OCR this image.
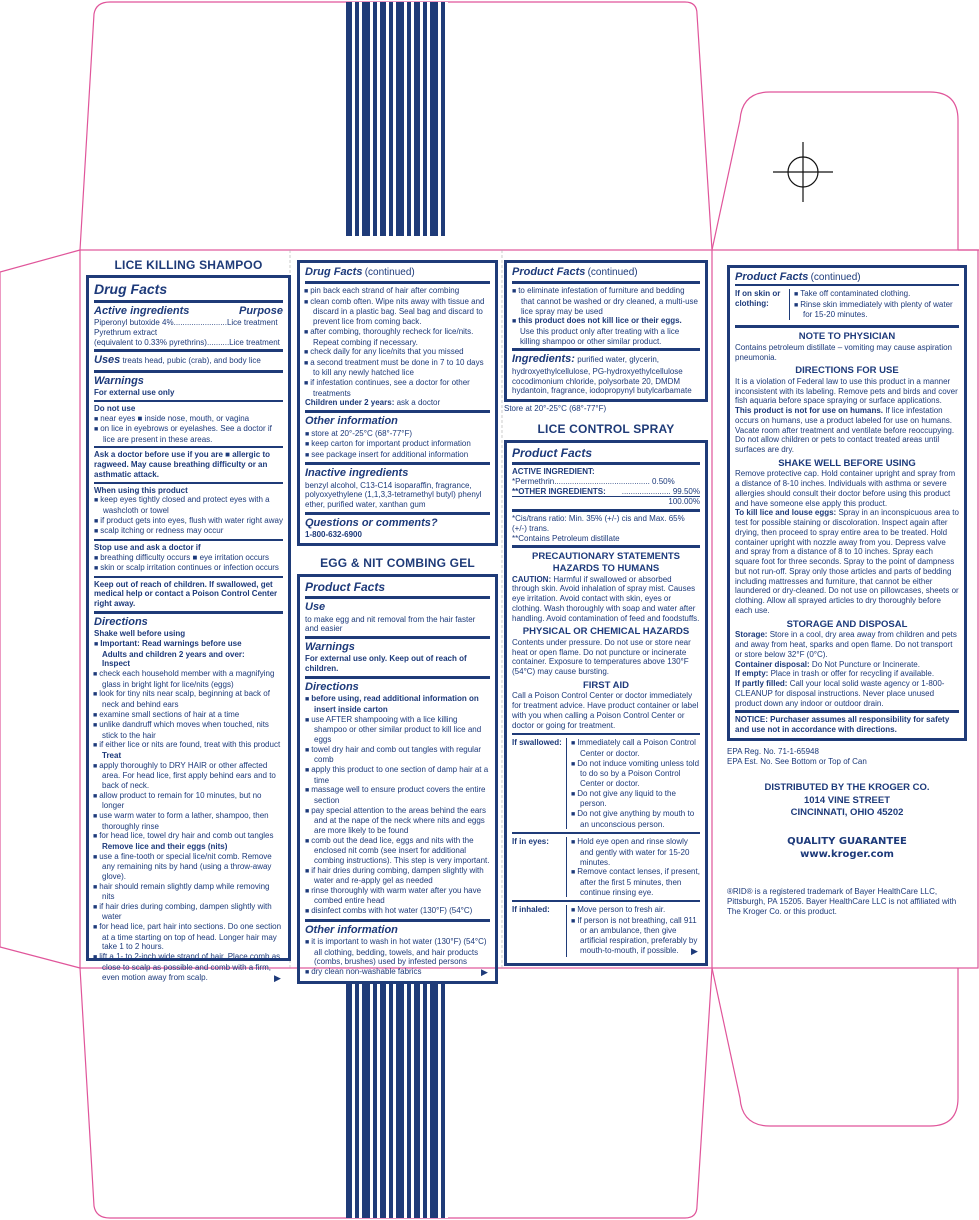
LICE KILLING SHAMPOO
Drug Facts
Active ingredients	Purpose
Piperonyl butoxide 4%........................Lice treatment
Pyrethrum extract
(equivalent to 0.33% pyrethrins)..........Lice treatment
Uses treats head, pubic (crab), and body lice
Warnings
For external use only
Do not use
■ near eyes ■ inside nose, mouth, or vagina
■ on lice in eyebrows or eyelashes. See a doctor if lice are present in these areas.
Ask a doctor before use if you are ■ allergic to ragweed. May cause breathing difficulty or an asthmatic attack.
When using this product
■ keep eyes tightly closed and protect eyes with a washcloth or towel
■ if product gets into eyes, flush with water right away
■ scalp itching or redness may occur
Stop use and ask a doctor if
■ breathing difficulty occurs ■ eye irritation occurs
■ skin or scalp irritation continues or infection occurs
Keep out of reach of children. If swallowed, get medical help or contact a Poison Control Center right away.
Directions
Shake well before using
■ Important: Read warnings before use
Adults and children 2 years and over:
Inspect
■ check each household member with a magnifying glass in bright light for lice/nits (eggs)
■ look for tiny nits near scalp, beginning at back of neck and behind ears
■ examine small sections of hair at a time
■ unlike dandruff which moves when touched, nits stick to the hair
■ if either lice or nits are found, treat with this product
Treat
■ apply thoroughly to DRY HAIR or other affected area. For head lice, first apply behind ears and to back of neck.
■ allow product to remain for 10 minutes, but no longer
■ use warm water to form a lather, shampoo, then thoroughly rinse
■ for head lice, towel dry hair and comb out tangles
Remove lice and their eggs (nits)
■ use a fine-tooth or special lice/nit comb. Remove any remaining nits by hand (using a throw-away glove).
■ hair should remain slightly damp while removing nits
■ if hair dries during combing, dampen slightly with water
■ for head lice, part hair into sections. Do one section at a time starting on top of head. Longer hair may take 1 to 2 hours.
■ lift a 1- to 2-inch wide strand of hair. Place comb as close to scalp as possible and comb with a firm, even motion away from scalp.	▶
Drug Facts (continued)
■ pin back each strand of hair after combing
■ clean comb often. Wipe nits away with tissue and discard in a plastic bag. Seal bag and discard to prevent lice from coming back.
■ after combing, thoroughly recheck for lice/nits. Repeat combing if necessary.
■ check daily for any lice/nits that you missed
■ a second treatment must be done in 7 to 10 days to kill any newly hatched lice
■ if infestation continues, see a doctor for other treatments
Children under 2 years: ask a doctor
Other information
■ store at 20°-25°C (68°-77°F)
■ keep carton for important product information
■ see package insert for additional information
Inactive ingredients
benzyl alcohol, C13-C14 isoparaffin, fragrance, polyoxyethylene (1,1,3,3-tetramethyl butyl) phenyl ether, purified water, xanthan gum
Questions or comments?
1-800-632-6900
EGG & NIT COMBING GEL
Product Facts
Use
to make egg and nit removal from the hair faster and easier
Warnings
For external use only. Keep out of reach of children.
Directions
■ before using, read additional information on insert inside carton
■ use AFTER shampooing with a lice killing shampoo or other similar product to kill lice and eggs
■ towel dry hair and comb out tangles with regular comb
■ apply this product to one section of damp hair at a time
■ massage well to ensure product covers the entire section
■ pay special attention to the areas behind the ears and at the nape of the neck where nits and eggs are more likely to be found
■ comb out the dead lice, eggs and nits with the enclosed nit comb (see insert for additional combing instructions). This step is very important.
■ if hair dries during combing, dampen slightly with water and re-apply gel as needed
■ rinse thoroughly with warm water after you have combed entire head
■ disinfect combs with hot water (130°F) (54°C)
Other information
■ it is important to wash in hot water (130°F) (54°C) all clothing, bedding, towels, and hair products (combs, brushes) used by infested persons
■ dry clean non-washable fabrics	▶
Product Facts (continued)
■ to eliminate infestation of furniture and bedding that cannot be washed or dry cleaned, a multi-use lice spray may be used
■ this product does not kill lice or their eggs.
Use this product only after treating with a lice killing shampoo or other similar product.
Ingredients: purified water, glycerin, hydroxyethylcellulose, PG-hydroxyethylcellulose cocodimonium chloride, polysorbate 20, DMDM hydantoin, fragrance, iodopropynyl butylcarbamate
Store at 20°-25°C (68°-77°F)
LICE CONTROL SPRAY
Product Facts
ACTIVE INGREDIENT:
*Permethrin........................................... 0.50%
**OTHER INGREDIENTS: ...................... 99.50%
100.00%
*Cis/trans ratio: Min. 35% (+/-) cis and Max. 65% (+/-) trans.
**Contains Petroleum distillate
PRECAUTIONARY STATEMENTS
HAZARDS TO HUMANS
CAUTION: Harmful if swallowed or absorbed through skin. Avoid inhalation of spray mist. Causes eye irritation. Avoid contact with skin, eyes or clothing. Wash thoroughly with soap and water after handling. Avoid contamination of feed and foodstuffs.
PHYSICAL OR CHEMICAL HAZARDS
Contents under pressure. Do not use or store near heat or open flame. Do not puncture or incinerate container. Exposure to temperatures above 130°F (54°C) may cause bursting.
FIRST AID
Call a Poison Control Center or doctor immediately for treatment advice. Have product container or label with you when calling a Poison Control Center or doctor or going for treatment.
If swallowed:	■ Immediately call a Poison Control Center or doctor.
■ Do not induce vomiting unless told to do so by a Poison Control Center or doctor.
■ Do not give any liquid to the person.
■ Do not give anything by mouth to an unconscious person.
If in eyes:	■ Hold eye open and rinse slowly and gently with water for 15-20 minutes.
■ Remove contact lenses, if present, after the first 5 minutes, then continue rinsing eye.
If inhaled:	■ Move person to fresh air.
■ If person is not breathing, call 911 or an ambulance, then give artificial respiration, preferably by mouth-to-mouth, if possible. ▶
Product Facts (continued)
If on skin or clothing:
■ Take off contaminated clothing.
■ Rinse skin immediately with plenty of water for 15-20 minutes.
NOTE TO PHYSICIAN
Contains petroleum distillate – vomiting may cause aspiration pneumonia.
DIRECTIONS FOR USE
It is a violation of Federal law to use this product in a manner inconsistent with its labeling. Remove pets and birds and cover fish aquaria before space spraying or surface applications. This product is not for use on humans. If lice infestation occurs on humans, use a product labeled for use on humans. Vacate room after treatment and ventilate before reoccupying. Do not allow children or pets to contact treated areas until surfaces are dry.
SHAKE WELL BEFORE USING
Remove protective cap. Hold container upright and spray from a distance of 8-10 inches. Individuals with asthma or severe allergies should consult their doctor before using this product and have someone else apply this product.
To kill lice and louse eggs: Spray in an inconspicuous area to test for possible staining or discoloration. Inspect again after drying, then proceed to spray entire area to be treated. Hold container upright with nozzle away from you. Depress valve and spray from a distance of 8 to 10 inches. Spray each square foot for three seconds. Spray to the point of dampness but not run-off. Spray only those articles and parts of bedding including mattresses and furniture, that cannot be either laundered or dry-cleaned. Do not use on pillowcases, sheets or clothing. Allow all sprayed articles to dry thoroughly before each use.
STORAGE AND DISPOSAL
Storage: Store in a cool, dry area away from children and pets and away from heat, sparks and open flame. Do not transport or store below 32°F (0°C).
Container disposal: Do Not Puncture or Incinerate.
If empty: Place in trash or offer for recycling if available.
If partly filled: Call your local solid waste agency or 1-800-CLEANUP for disposal instructions. Never place unused product down any indoor or outdoor drain.
NOTICE: Purchaser assumes all responsibility for safety and use not in accordance with directions.
EPA Reg. No. 71-1-65948
EPA Est. No. See Bottom or Top of Can
DISTRIBUTED BY THE KROGER CO.
1014 VINE STREET
CINCINNATI, OHIO 45202
QUALITY GUARANTEE
www.kroger.com
®RID® is a registered trademark of Bayer HealthCare LLC, Pittsburgh, PA 15205. Bayer HealthCare LLC is not affiliated with The Kroger Co. or this product.
